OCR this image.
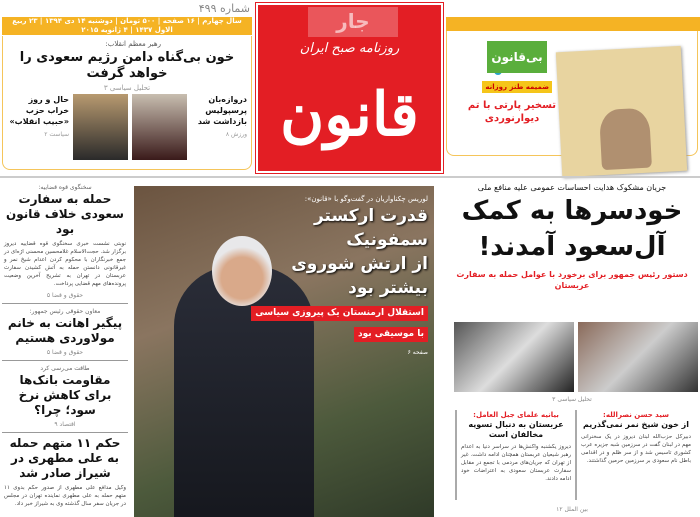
شماره ۴۹۹
سال چهارم | ۱۶ صفحه | ۵۰۰ تومان | دوشنبه ۱۴ دی ۱۳۹۴ | ۲۳ ربیع الاول ۱۴۳۷ | ۴ ژانویه ۲۰۱۵
رهبر معظم انقلاب:
خون بی‌گناه دامن رژیم سعودی را خواهد گرفت
تحلیل سیاسی ۳
دروازه‌بان پرسپولیس بازداشت شد
ورزش ۸
حال و روز خراب حزب «حبیب انقلاب»
سیاست ۲
جار
روزنامه صبح ایران
قانون
بی‌قانون
ضمیمه طنز روزانه
تسخیر پارتی با تم دیوارنوردی
سخنگوی قوه قضاییه:
حمله به سفارت سعودی خلاف قانون بود
نوبتی نشست خبری سخنگوی قوه قضاییه دیروز برگزار شد. حجت‌الاسلام غلامحسین محسنی اژه‌ای در جمع خبرنگاران با محکوم کردن اعدام شیخ نمر و غیرقانونی دانستن حمله به آتش کشیدن سفارت عربستان در تهران به تشریح آخرین وضعیت پرونده‌های مهم قضایی پرداخت.
حقوق و قضا ۵
معاون حقوقی رئیس جمهور:
پیگیر اهانت به خانم مولاوردی هستیم
حقوق و قضا ۵
طاقت می‌رسی کرد
مقاومت بانک‌ها برای کاهش نرخ سود؛ چرا؟
اقتصاد ۹
حکم ۱۱ متهم حمله به علی مطهری در شیراز صادر شد
وکیل مدافع علی مطهری از صدور حکم بدوی ۱۱ متهم حمله به علی مطهری نماینده تهران در مجلس در جریان سفر سال گذشته وی به شیراز خبر داد.
لوریس چکناواریان در گفت‌وگو با «قانون»:
قدرت ارکستر سمفونیک
از ارتش شوروی
بیشتر بود
استقلال ارمنستان یک پیروزی سیاسی
با موسیقی بود
صفحه ۶
جریان مشکوک هدایت احساسات عمومی علیه منافع ملی
خودسرها به کمک
آل‌سعود آمدند!
دستور رئیس جمهور برای برخورد با عوامل حمله به سفارت عربستان
تحلیل سیاسی ۳
سید حسن نصرالله:
از خون شیخ نمر نمی‌گذریم
دبیرکل حزب‌الله لبنان دیروز در یک سخنرانی مهم در لبنان گفت در سرزمین شبه جزیره عرب کشوری تاسیس شد و از سر ظلم و در اقدامی باطل نام سعودی بر سرزمین حرمین گذاشتند.
بیانیه علمای جبل العامل:
عربستان به دنبال تسویه مخالفان است
دیروز یکشنبه واکنش‌ها در سراسر دنیا به اعدام رهبر شیعیان عربستان همچنان ادامه داشت. غیر از تهران که جریان‌های مردمی با تجمع در مقابل سفارت عربستان سعودی به اعتراضات خود ادامه دادند.
بین الملل ۱۲
